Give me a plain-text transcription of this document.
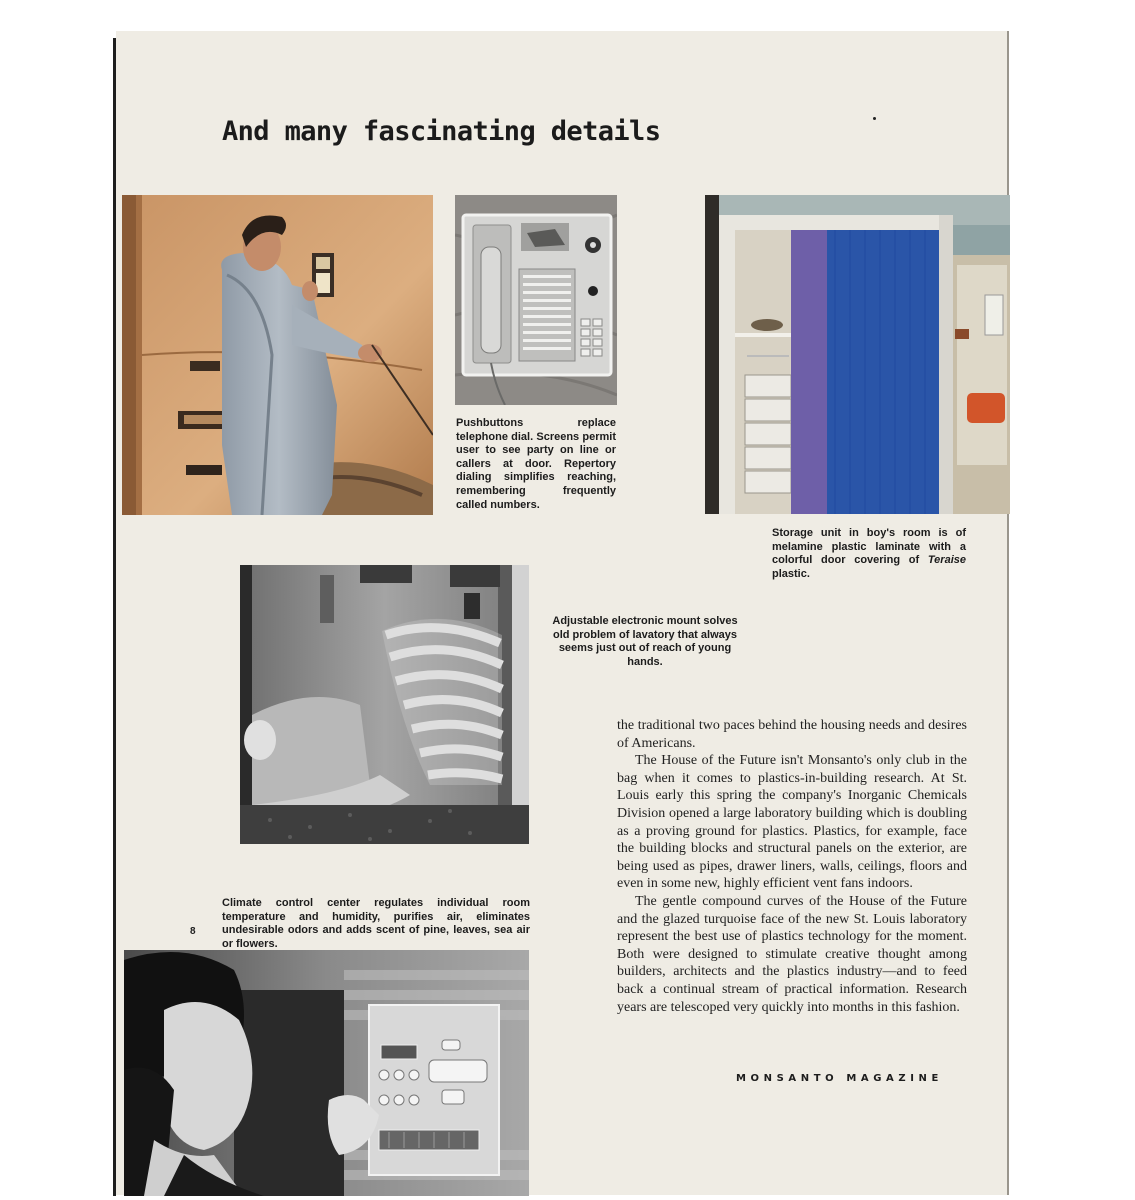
And many fascinating details

Pushbuttons replace telephone dial. Screens permit user to see party on line or callers at door. Repertory dialing simplifies reaching, remembering frequently called numbers.

Storage unit in boy's room is of melamine plastic laminate with a colorful door covering of Teraise plastic.

Adjustable electronic mount solves old problem of lavatory that always seems just out of reach of young hands.

the traditional two paces behind the housing needs and desires of Americans.

The House of the Future isn't Monsanto's only club in the bag when it comes to plastics-in-building research. At St. Louis early this spring the company's Inorganic Chemicals Division opened a large laboratory building which is doubling as a proving ground for plastics. Plastics, for example, face the building blocks and structural panels on the exterior, are being used as pipes, drawer liners, walls, ceilings, floors and even in some new, highly efficient vent fans indoors.

The gentle compound curves of the House of the Future and the glazed turquoise face of the new St. Louis laboratory represent the best use of plastics technology for the moment. Both were designed to stimulate creative thought among builders, architects and the plastics industry—and to feed back a continual stream of practical information. Research years are telescoped very quickly into months in this fashion.

Climate control center regulates individual room temperature and humidity, purifies air, eliminates undesirable odors and adds scent of pine, leaves, sea air or flowers.

8
MONSANTO MAGAZINE
